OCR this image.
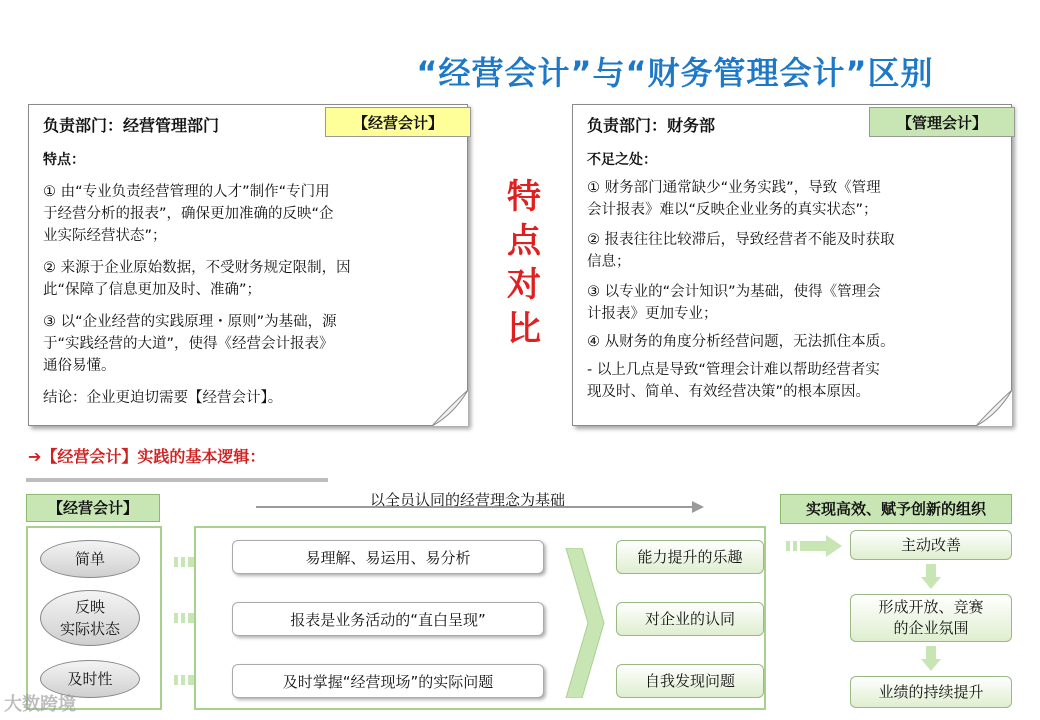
“经营会计”与“财务管理会计”区别
负责部门：经营管理部门	【经营会计】
特点：
① 由“专业负责经营管理的人才”制作“专门用
于经营分析的报表”，确保更加准确的反映“企
业实际经营状态”；
② 来源于企业原始数据，不受财务规定限制，因
此“保障了信息更加及时、准确”；
③ 以“企业经营的实践原理・原则”为基础，源
于“实践经营的大道”，使得《经营会计报表》
通俗易懂。
结论：企业更迫切需要【经营会计】。
特
点
对
比
负责部门：财务部	【管理会计】
不足之处：
① 财务部门通常缺少“业务实践”，导致《管理
会计报表》难以“反映企业业务的真实状态”；
② 报表往往比较滞后，导致经营者不能及时获取
信息；
③ 以专业的“会计知识”为基础，使得《管理会
计报表》更加专业；
④ 从财务的角度分析经营问题，无法抓住本质。
- 以上几点是导致“管理会计难以帮助经营者实
现及时、简单、有效经营决策”的根本原因。
➔【经营会计】实践的基本逻辑：
以全员认同的经营理念为基础
【经营会计】
简单
反映
实际状态
及时性
易理解、易运用、易分析
报表是业务活动的“直白呈现”
及时掌握“经营现场”的实际问题
能力提升的乐趣
对企业的认同
自我发现问题
实现高效、赋予创新的组织
主动改善
形成开放、竞赛
的企业氛围
业绩的持续提升
大数跨境
